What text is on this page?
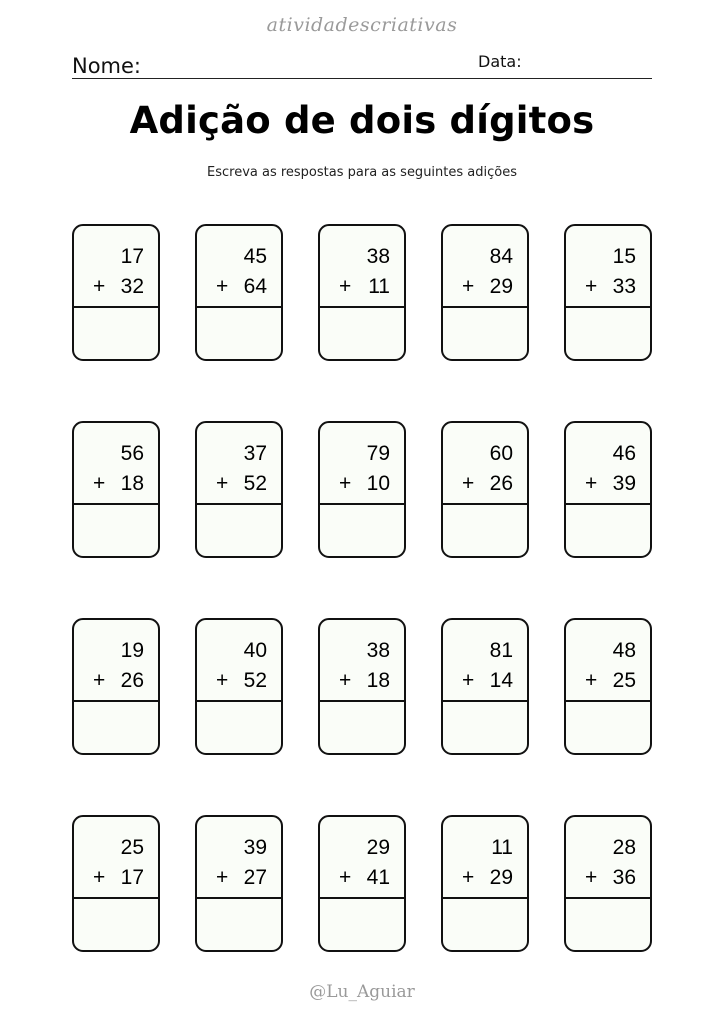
atividadescriativas
Nome:	Data:
Adição de dois dígitos
Escreva as respostas para as seguintes adições
17
+ 32
45
+ 64
38
+ 11
84
+ 29
15
+ 33
56
+ 18
37
+ 52
79
+ 10
60
+ 26
46
+ 39
19
+ 26
40
+ 52
38
+ 18
81
+ 14
48
+ 25
25
+ 17
39
+ 27
29
+ 41
11
+ 29
28
+ 36
@Lu_Aguiar
